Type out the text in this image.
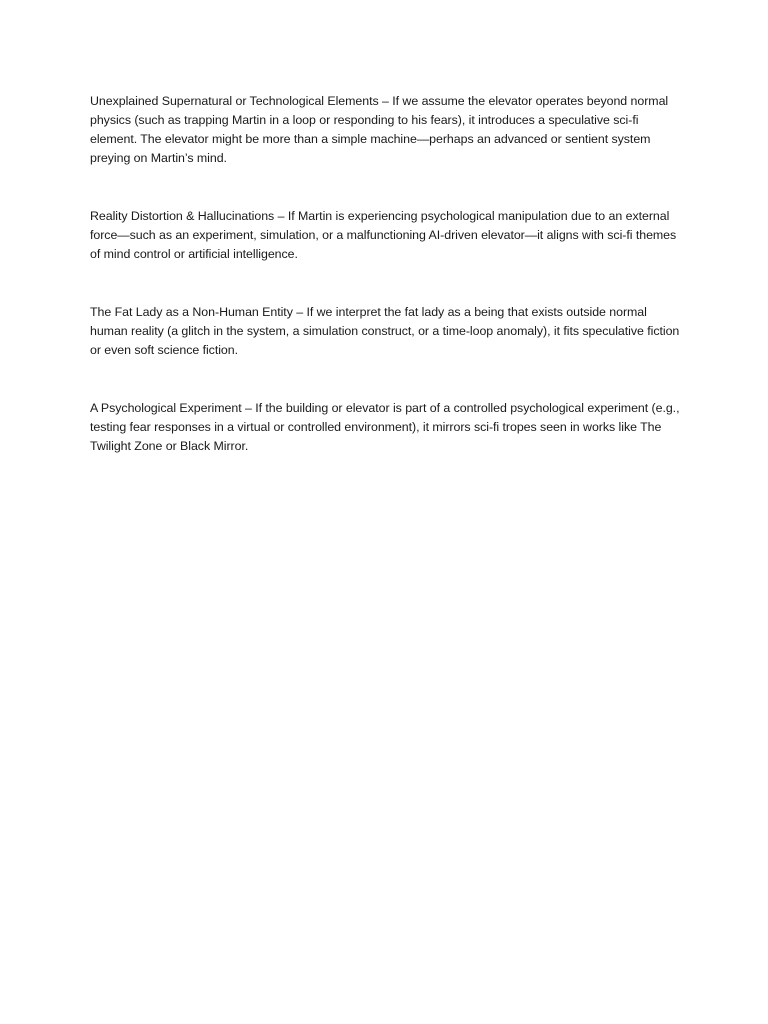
Unexplained Supernatural or Technological Elements – If we assume the elevator operates beyond normal physics (such as trapping Martin in a loop or responding to his fears), it introduces a speculative sci-fi element. The elevator might be more than a simple machine—perhaps an advanced or sentient system preying on Martin’s mind.

Reality Distortion & Hallucinations – If Martin is experiencing psychological manipulation due to an external force—such as an experiment, simulation, or a malfunctioning AI-driven elevator—it aligns with sci-fi themes of mind control or artificial intelligence.

The Fat Lady as a Non-Human Entity – If we interpret the fat lady as a being that exists outside normal human reality (a glitch in the system, a simulation construct, or a time-loop anomaly), it fits speculative fiction or even soft science fiction.

A Psychological Experiment – If the building or elevator is part of a controlled psychological experiment (e.g., testing fear responses in a virtual or controlled environment), it mirrors sci-fi tropes seen in works like The Twilight Zone or Black Mirror.
